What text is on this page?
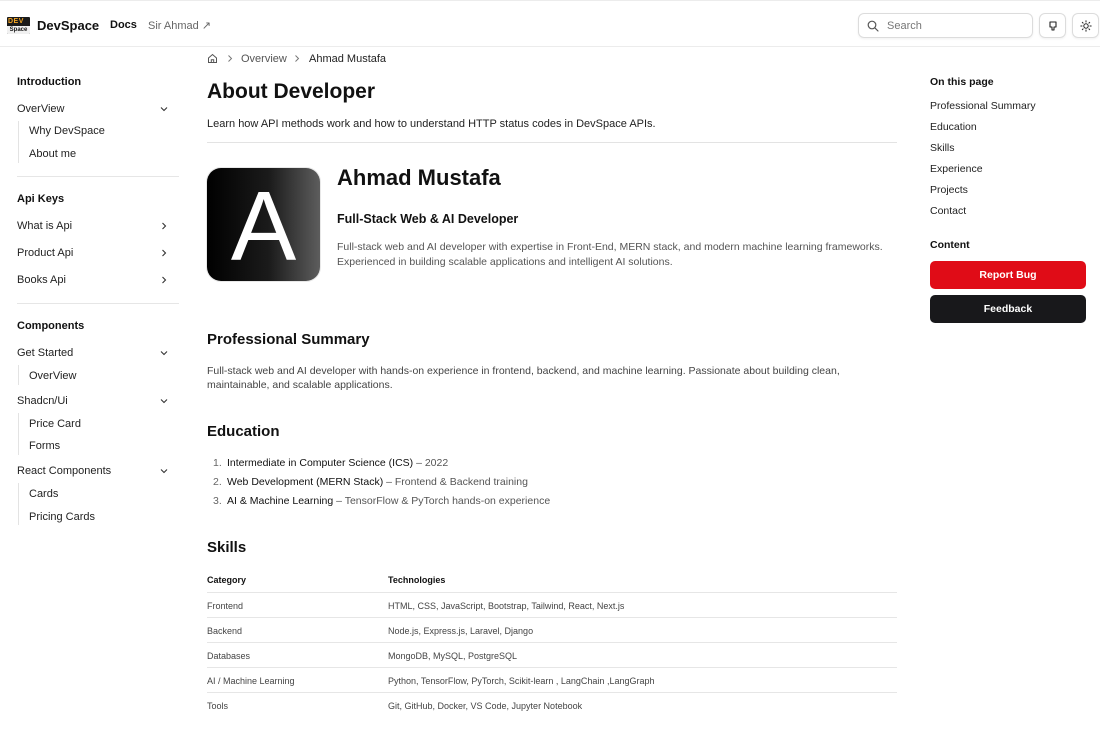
DEV
Space DevSpace Docs Sir Ahmad ↗
Search
Introduction
OverView
Why DevSpace
About me
Api Keys
What is Api
Product Api
Books Api
Components
Get Started
OverView
Shadcn/Ui
Price Card
Forms
React Components
Cards
Pricing Cards
Overview Ahmad Mustafa
About Developer

Learn how API methods work and how to understand HTTP status codes in DevSpace APIs.

A	Ahmad Mustafa

Full-Stack Web & AI Developer

Full-stack web and AI developer with expertise in Front-End, MERN stack, and modern machine learning frameworks. Experienced in building scalable applications and intelligent AI solutions.

Professional Summary

Full-stack web and AI developer with hands-on experience in frontend, backend, and machine learning. Passionate about building clean, maintainable, and scalable applications.

Education
1. Intermediate in Computer Science (ICS) – 2022
2. Web Development (MERN Stack) – Frontend & Backend training
3. AI & Machine Learning – TensorFlow & PyTorch hands-on experience
Skills
Category	Technologies
Frontend	HTML, CSS, JavaScript, Bootstrap, Tailwind, React, Next.js
Backend	Node.js, Express.js, Laravel, Django
Databases	MongoDB, MySQL, PostgreSQL
AI / Machine Learning	Python, TensorFlow, PyTorch, Scikit-learn , LangChain ,LangGraph
Tools	Git, GitHub, Docker, VS Code, Jupyter Notebook
On this page
Professional Summary
Education
Skills
Experience
Projects
Contact
Content
Report Bug
Feedback
